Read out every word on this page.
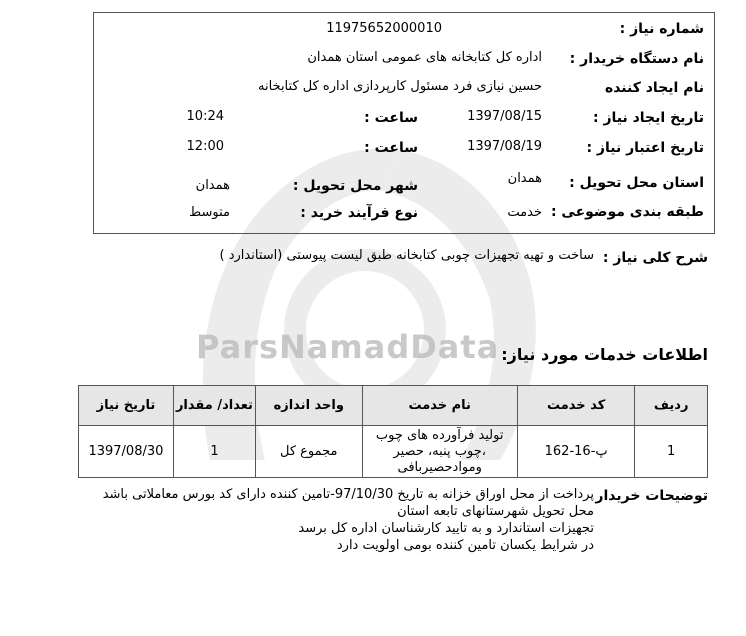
ParsNamadData
شماره نیاز :
11975652000010
نام دستگاه خریدار :
اداره کل کتابخانه های عمومی استان همدان
نام ایجاد کننده
حسین نیازی فرد مسئول کارپردازی اداره کل کتابخانه
تاریخ ایجاد نیاز :
1397/08/15
ساعت :
10:24
تاریخ اعتبار نیاز :
1397/08/19
ساعت :
12:00
استان محل تحویل :
همدان
شهر محل تحویل :
همدان
طبقه بندی موضوعی :
خدمت
نوع فرآیند خرید :
متوسط
شرح کلی نیاز :
ساخت و تهیه تجهیزات چوبی کتابخانه طبق لیست پیوستی (استاندارد )
اطلاعات خدمات مورد نیاز:
ردیف	کد خدمت	نام خدمت	واحد اندازه	تعداد/ مقدار	تاریخ نیاز
1	پ-16-162	تولید فرآورده های چوب ،چوب پنبه، حصیر وموادحصیربافی	مجموع کل	1	1397/08/30
توضیحات خریدار
پرداخت از محل اوراق خزانه به تاریخ 97/10/30-تامین کننده دارای کد بورس معاملاتی باشد
محل تحویل شهرستانهای تابعه استان
تجهیزات استاندارد و به تایید کارشناسان اداره کل برسد
در شرایط یکسان تامین کننده بومی اولویت دارد
